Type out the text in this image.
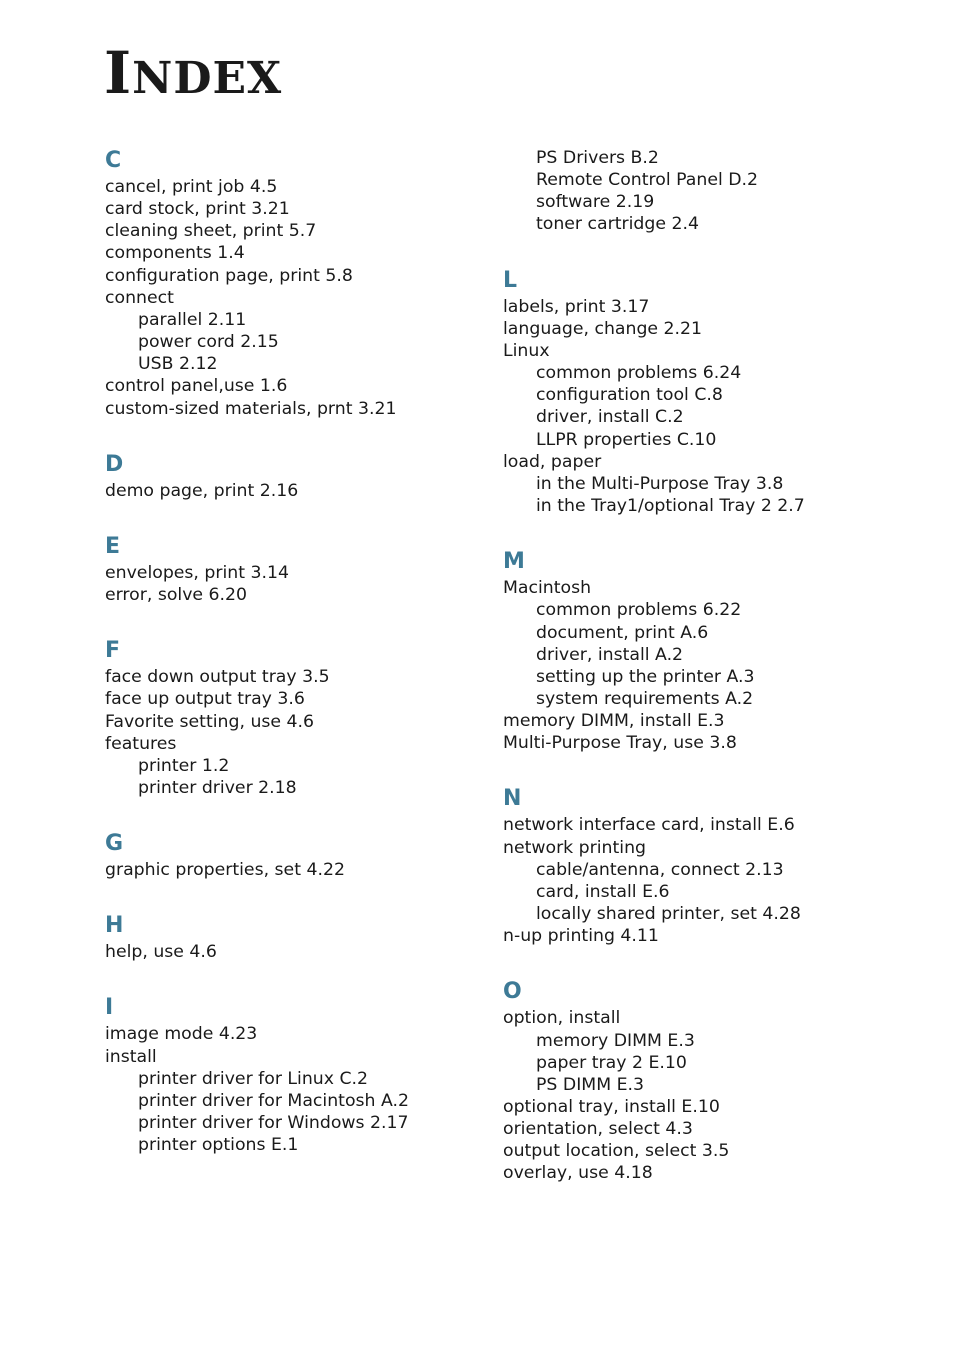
INDEX
C
cancel, print job 4.5
card stock, print 3.21
cleaning sheet, print 5.7
components 1.4
configuration page, print 5.8
connect
parallel 2.11
power cord 2.15
USB 2.12
control panel,use 1.6
custom-sized materials, prnt 3.21
D
demo page, print 2.16
E
envelopes, print 3.14
error, solve 6.20
F
face down output tray 3.5
face up output tray 3.6
Favorite setting, use 4.6
features
printer 1.2
printer driver 2.18
G
graphic properties, set 4.22
H
help, use 4.6
I
image mode 4.23
install
printer driver for Linux C.2
printer driver for Macintosh A.2
printer driver for Windows 2.17
printer options E.1
PS Drivers B.2
Remote Control Panel D.2
software 2.19
toner cartridge 2.4
L
labels, print 3.17
language, change 2.21
Linux
common problems 6.24
configuration tool C.8
driver, install C.2
LLPR properties C.10
load, paper
in the Multi-Purpose Tray 3.8
in the Tray1/optional Tray 2 2.7
M
Macintosh
common problems 6.22
document, print A.6
driver, install A.2
setting up the printer A.3
system requirements A.2
memory DIMM, install E.3
Multi-Purpose Tray, use 3.8
N
network interface card, install E.6
network printing
cable/antenna, connect 2.13
card, install E.6
locally shared printer, set 4.28
n-up printing 4.11
O
option, install
memory DIMM E.3
paper tray 2 E.10
PS DIMM E.3
optional tray, install E.10
orientation, select 4.3
output location, select 3.5
overlay, use 4.18
